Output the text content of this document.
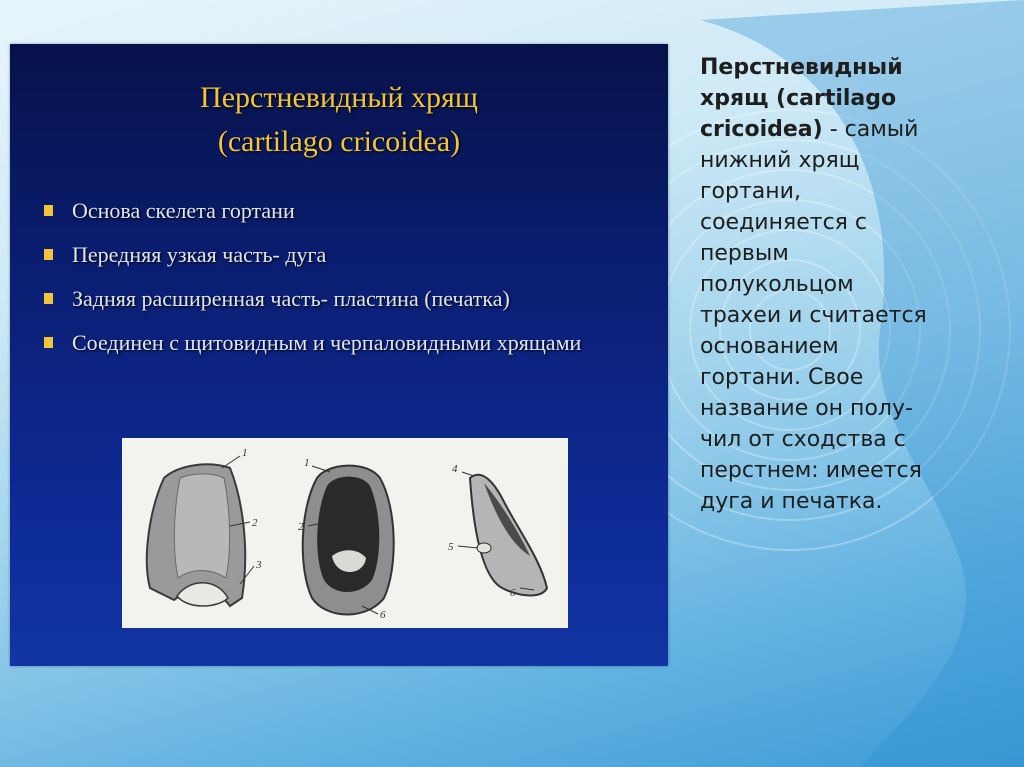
Перстневидный хрящ
(cartilago cricoidea)
Основа скелета гортани
Передняя узкая часть- дуга
Задняя расширенная часть- пластина (печатка)
Соединен с щитовидным и черпаловидными хрящами
1
2
3
1
2
6
4
5
6
Перстневидный
хрящ (cartilago
cricoidea) - самый
нижний хрящ
гортани,
соединяется с
первым
полукольцом
трахеи и считается
основанием
гортани. Свое
название он полу-
чил от сходства с
перстнем: имеется
дуга и печатка.
